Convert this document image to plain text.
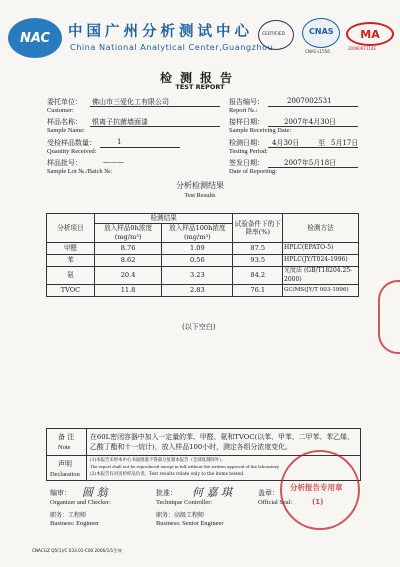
NAC	中国广州分析测试中心
China National Analytical Center,Guangzhou
CERTIFIED	CNAS
CNAS L1556
MA
2006007114E
检测报告
TEST REPORT
委托单位： 佛山市三爱化工有限公司
Customer:
样品名称： 银离子抗菌墙面漆
Sample Name:
受检样品数量：	1
Quantity Received:
样品批号：	———
Sample Lot №./Batch №:
报告编号：	2007002531
Report №.:
接样日期：	2007年4月30日
Sample Receiving Date:
检测日期： 4月30日	至 5月17日
Testing Period:
签发日期：	2007年5月18日
Date of Reporting:
分析检测结果
Test Results
分析项目	检测结果		试验条件下的下降率(%)	检测方法
	放入样品0h浓度
(mg/m³)	放入样品100h浓度
(mg/m³)		
甲醛	8.76	1.09	87.5	HPLC(EPATO-5)
苯	8.62	0.56	93.5	HPLC(JY/T024-1996)
氨	20.4	3.23	84.2	光度法 (GB/T18204.25-2000)
TVOC	11.8	2.83	76.1	GC/MS(JY/T 003-1996)
(以下空白)
备 注
Note
在60L密闭容器中加入一定量的苯、甲醛、氨和TVOC(以苯、甲苯、二甲苯、苯乙烯、乙酸丁酯和十一烷计)，放入样品100小时，测定各组分浓度变化。
声明
Declaration
(1)本报告未经本中心书面批准不得部分复制本报告（全部复制除外）。
The report shall not be reproduced except in full,without the written approval of the laboratory.
(2)本报告仅对送检样品负责。Test results relate only to the items tested.
编审： 圆 翁
Organizer and Checker:
职务：工程师
Business: Engineer
批准： 何 嘉 琪
Technique Controller:
职务：高级工程师
Business: Senior Engineer
盖章：
Official Seal:
分析报告专用章
(1)
CNACGZ Q5(1)/C 033.01-C00 2006/1/1生效
